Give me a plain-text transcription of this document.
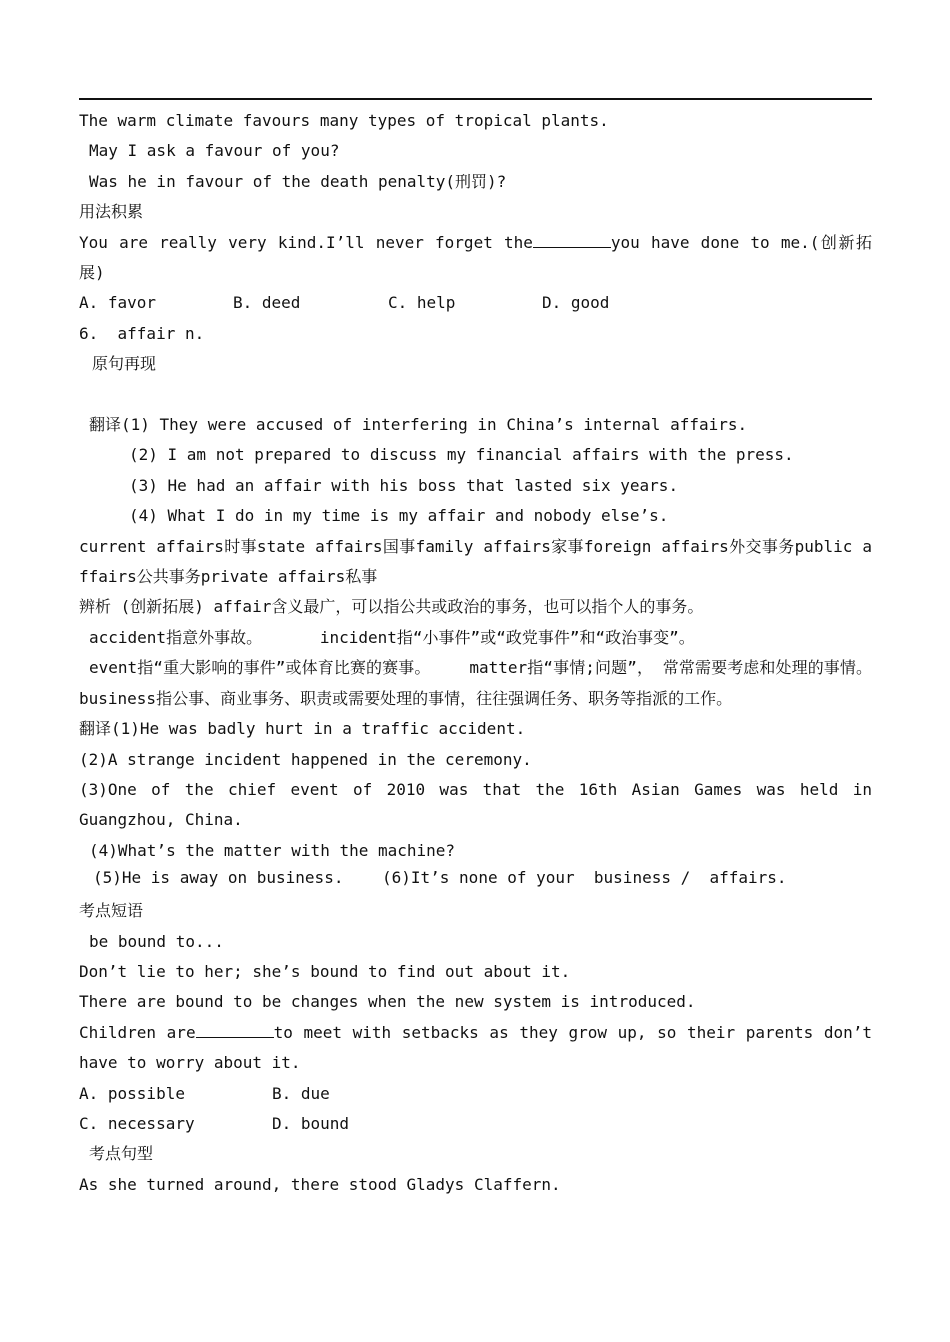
The warm climate favours many types of tropical plants.
May I ask a favour of you?
Was he in favour of the death penalty(刑罚)?
用法积累
You are really very kind.I’ll never forget the	you have done to me.(创新拓展)
A. favor	B. deed	C. help	D. good
6.  affair n.
原句再现
翻译(1) They were accused of interfering in China’s internal affairs.
(2) I am not prepared to discuss my financial affairs with the press.
(3) He had an affair with his boss that lasted six years.
(4) What I do in my time is my affair and nobody else’s.
current affairs时事state affairs国事family affairs家事foreign affairs外交事务public affairs公共事务private affairs私事
辨析 (创新拓展) affair含义最广，可以指公共或政治的事务，也可以指个人的事务。
accident指意外事故。      incident指“小事件”或“政党事件”和“政治事变”。
event指“重大影响的事件”或体育比赛的赛事。    matter指“事情;问题”， 常常需要考虑和处理的事情。 business指公事、商业事务、职责或需要处理的事情，往往强调任务、职务等指派的工作。
翻译(1)He was badly hurt in a traffic accident.
(2)A strange incident happened in the ceremony.
(3)One of the chief event of 2010 was that the 16th Asian Games was held in Guangzhou, China.
(4)What’s the matter with the machine?
(5)He is away on business.    (6)It’s none of your  business /  affairs.
考点短语
be bound to...
Don’t lie to her; she’s bound to find out about it.
There are bound to be changes when the new system is introduced.
Children are	to meet with setbacks as they grow up, so their parents don’t have to worry about it.
A. possible	B. due
C. necessary	D. bound
考点句型
As she turned around, there stood Gladys Claffern.
